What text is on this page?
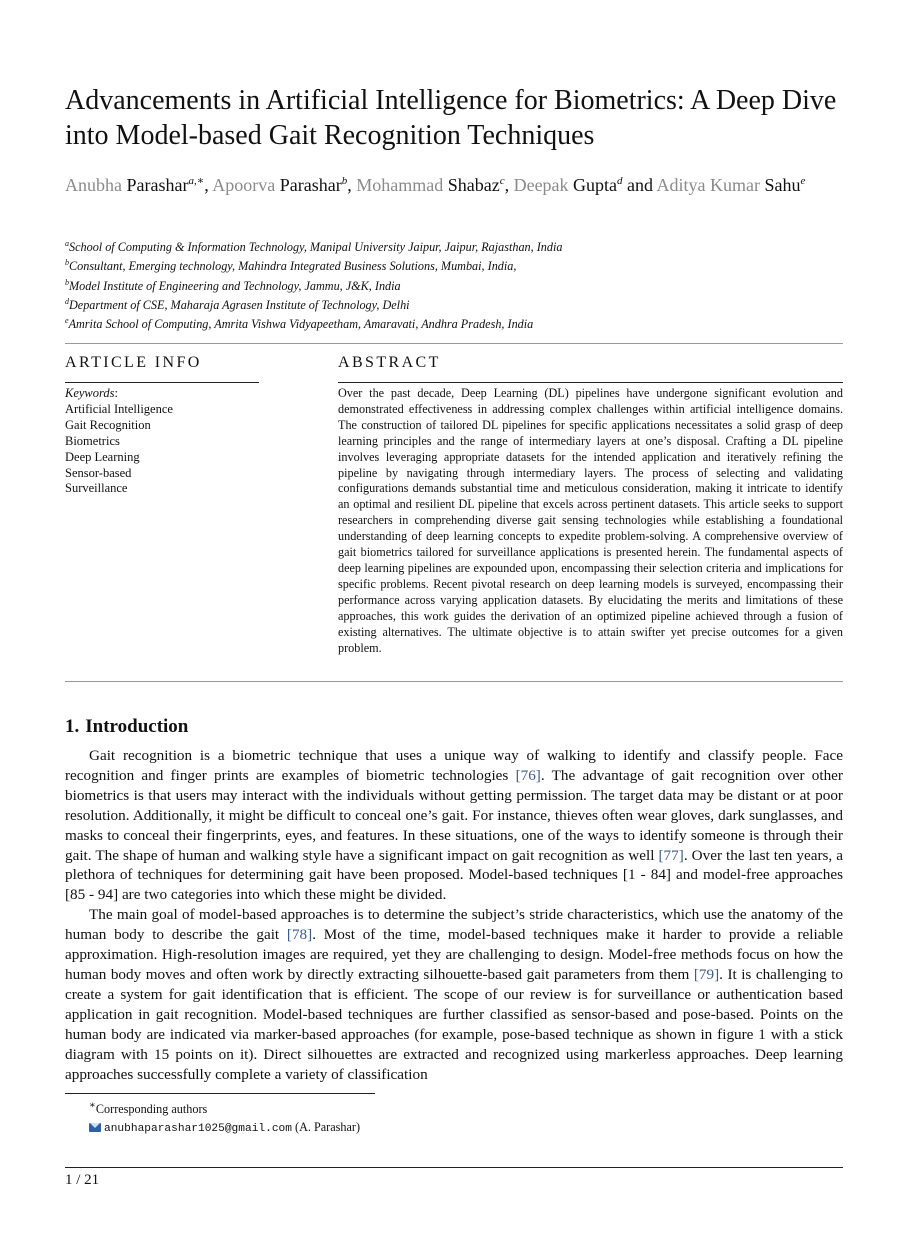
Advancements in Artificial Intelligence for Biometrics: A Deep Dive into Model-based Gait Recognition Techniques
Anubha Parashar$^{a,∗}$, Apoorva Parashar$^b$, Mohammad Shabaz$^c$, Deepak Gupta$^d$ and Aditya Kumar Sahu$^e$
$^a$School of Computing & Information Technology, Manipal University Jaipur, Jaipur, Rajasthan, India
$^b$Consultant, Emerging technology, Mahindra Integrated Business Solutions, Mumbai, India,
$^b$Model Institute of Engineering and Technology, Jammu, J&K, India
$^d$Department of CSE, Maharaja Agrasen Institute of Technology, Delhi
$^e$Amrita School of Computing, Amrita Vishwa Vidyapeetham, Amaravati, Andhra Pradesh, India
ARTICLE INFO	ABSTRACT
Keywords:
Artificial Intelligence
Gait Recognition
Biometrics
Deep Learning
Sensor-based
Surveillance
Over the past decade, Deep Learning (DL) pipelines have undergone significant evolution and demonstrated effectiveness in addressing complex challenges within artificial intelligence domains. The construction of tailored DL pipelines for specific applications necessitates a solid grasp of deep learning principles and the range of intermediary layers at one’s disposal. Crafting a DL pipeline involves leveraging appropriate datasets for the intended application and iteratively refining the pipeline by navigating through intermediary layers. The process of selecting and validating configurations demands substantial time and meticulous consideration, making it intricate to identify an optimal and resilient DL pipeline that excels across pertinent datasets. This article seeks to support researchers in comprehending diverse gait sensing technologies while establishing a foundational understanding of deep learning concepts to expedite problem-solving. A comprehensive overview of gait biometrics tailored for surveillance applications is presented herein. The fundamental aspects of deep learning pipelines are expounded upon, encompassing their selection criteria and implications for specific problems. Recent pivotal research on deep learning models is surveyed, encompassing their performance across varying application datasets. By elucidating the merits and limitations of these approaches, this work guides the derivation of an optimized pipeline achieved through a fusion of existing alternatives. The ultimate objective is to attain swifter yet precise outcomes for a given problem.
1. Introduction

Gait recognition is a biometric technique that uses a unique way of walking to identify and classify people. Face recognition and finger prints are examples of biometric technologies [76]. The advantage of gait recognition over other biometrics is that users may interact with the individuals without getting permission. The target data may be distant or at poor resolution. Additionally, it might be difficult to conceal one’s gait. For instance, thieves often wear gloves, dark sunglasses, and masks to conceal their fingerprints, eyes, and features. In these situations, one of the ways to identify someone is through their gait. The shape of human and walking style have a significant impact on gait recognition as well [77]. Over the last ten years, a plethora of techniques for determining gait have been proposed. Model-based techniques [1 - 84] and model-free approaches [85 - 94] are two categories into which these might be divided.

The main goal of model-based approaches is to determine the subject’s stride characteristics, which use the anatomy of the human body to describe the gait [78]. Most of the time, model-based techniques make it harder to provide a reliable approximation. High-resolution images are required, yet they are challenging to design. Model-free methods focus on how the human body moves and often work by directly extracting silhouette-based gait parameters from them [79]. It is challenging to create a system for gait identification that is efficient. The scope of our review is for surveillance or authentication based application in gait recognition. Model-based techniques are further classified as sensor-based and pose-based. Points on the human body are indicated via marker-based approaches (for example, pose-based technique as shown in figure 1 with a stick diagram with 15 points on it). Direct silhouettes are extracted and recognized using markerless approaches. Deep learning approaches successfully complete a variety of classification

∗Corresponding authors
anubhaparashar1025@gmail.com (A. Parashar)
1 / 21
